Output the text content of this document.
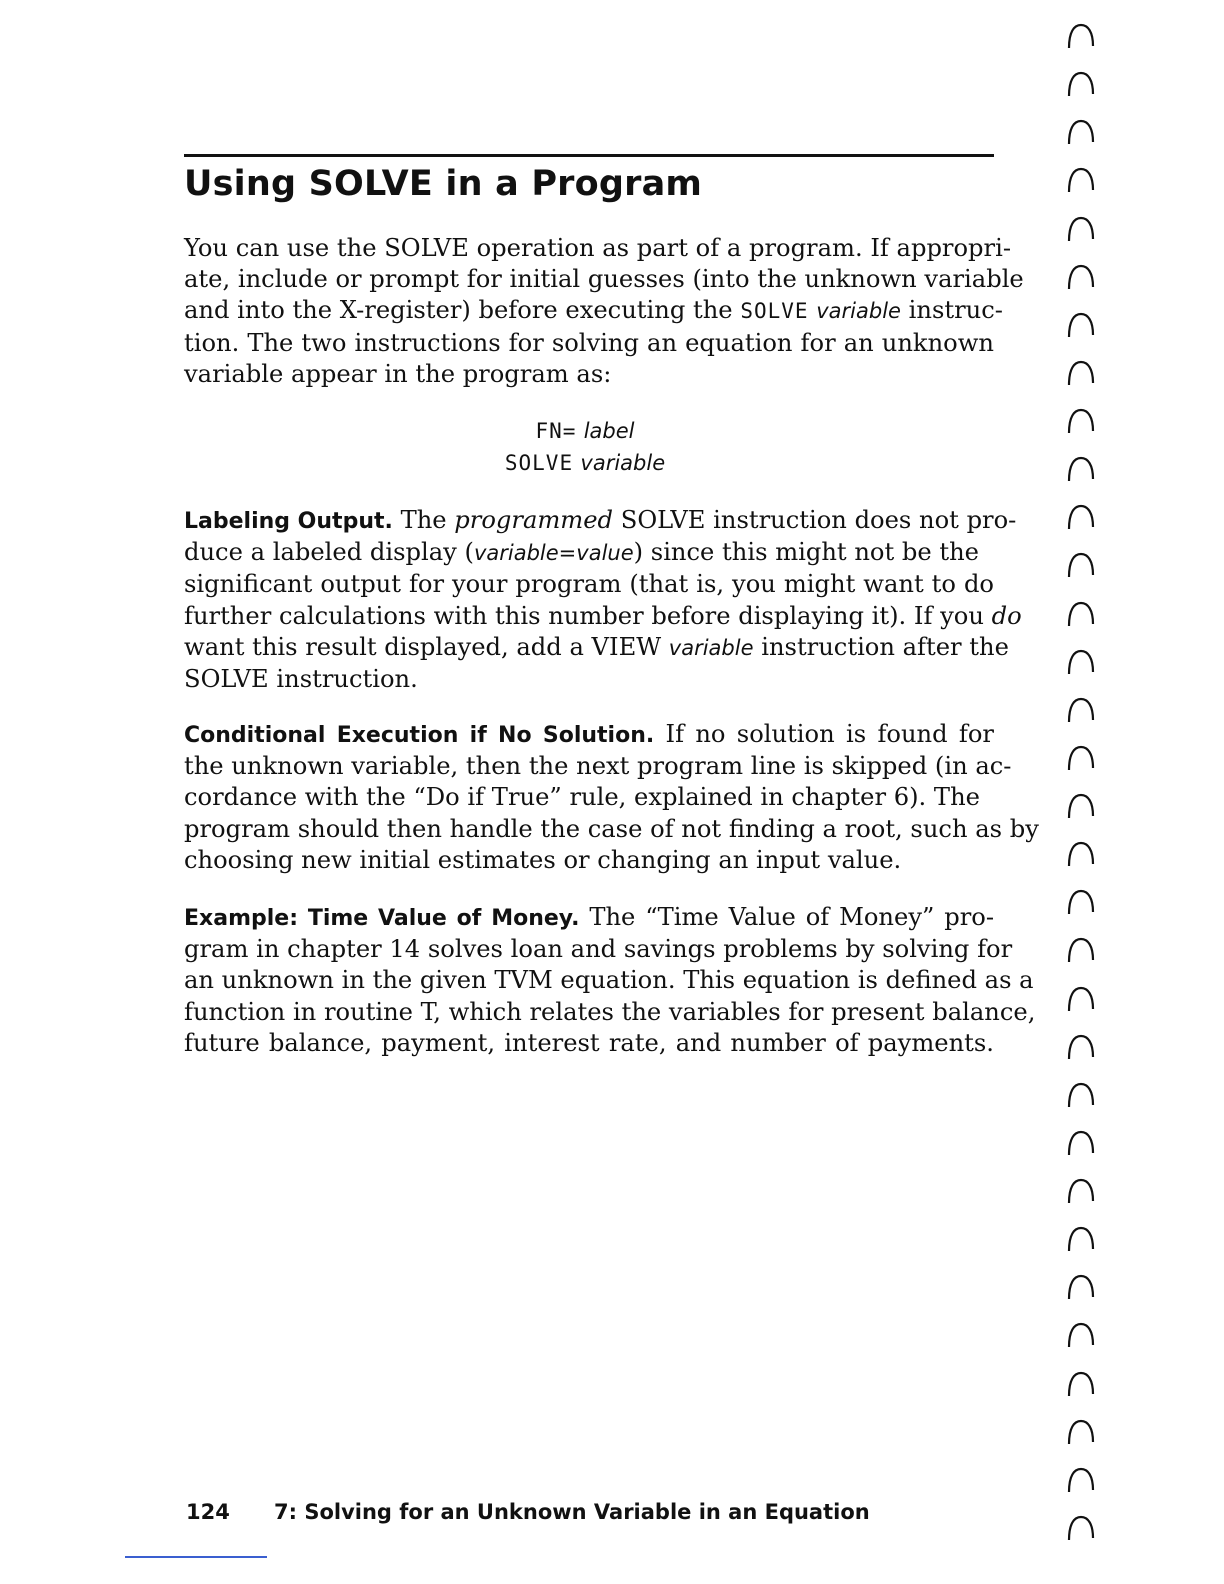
Using SOLVE in a Program

You can use the SOLVE operation as part of a program. If appropri-
ate, include or prompt for initial guesses (into the unknown variable
and into the X-register) before executing the SOLVE variable instruc-
tion. The two instructions for solving an equation for an unknown
variable appear in the program as:

FN= label
SOLVE variable

Labeling Output. The programmed SOLVE instruction does not pro-
duce a labeled display (variable=value) since this might not be the
significant output for your program (that is, you might want to do
further calculations with this number before displaying it). If you do
want this result displayed, add a VIEW variable instruction after the
SOLVE instruction.

Conditional Execution if No Solution. If no solution is found for
the unknown variable, then the next program line is skipped (in ac-
cordance with the “Do if True” rule, explained in chapter 6). The
program should then handle the case of not finding a root, such as by
choosing new initial estimates or changing an input value.

Example: Time Value of Money. The “Time Value of Money” pro-
gram in chapter 14 solves loan and savings problems by solving for
an unknown in the given TVM equation. This equation is defined as a
function in routine T, which relates the variables for present balance,
future balance, payment, interest rate, and number of payments.

124 7: Solving for an Unknown Variable in an Equation
